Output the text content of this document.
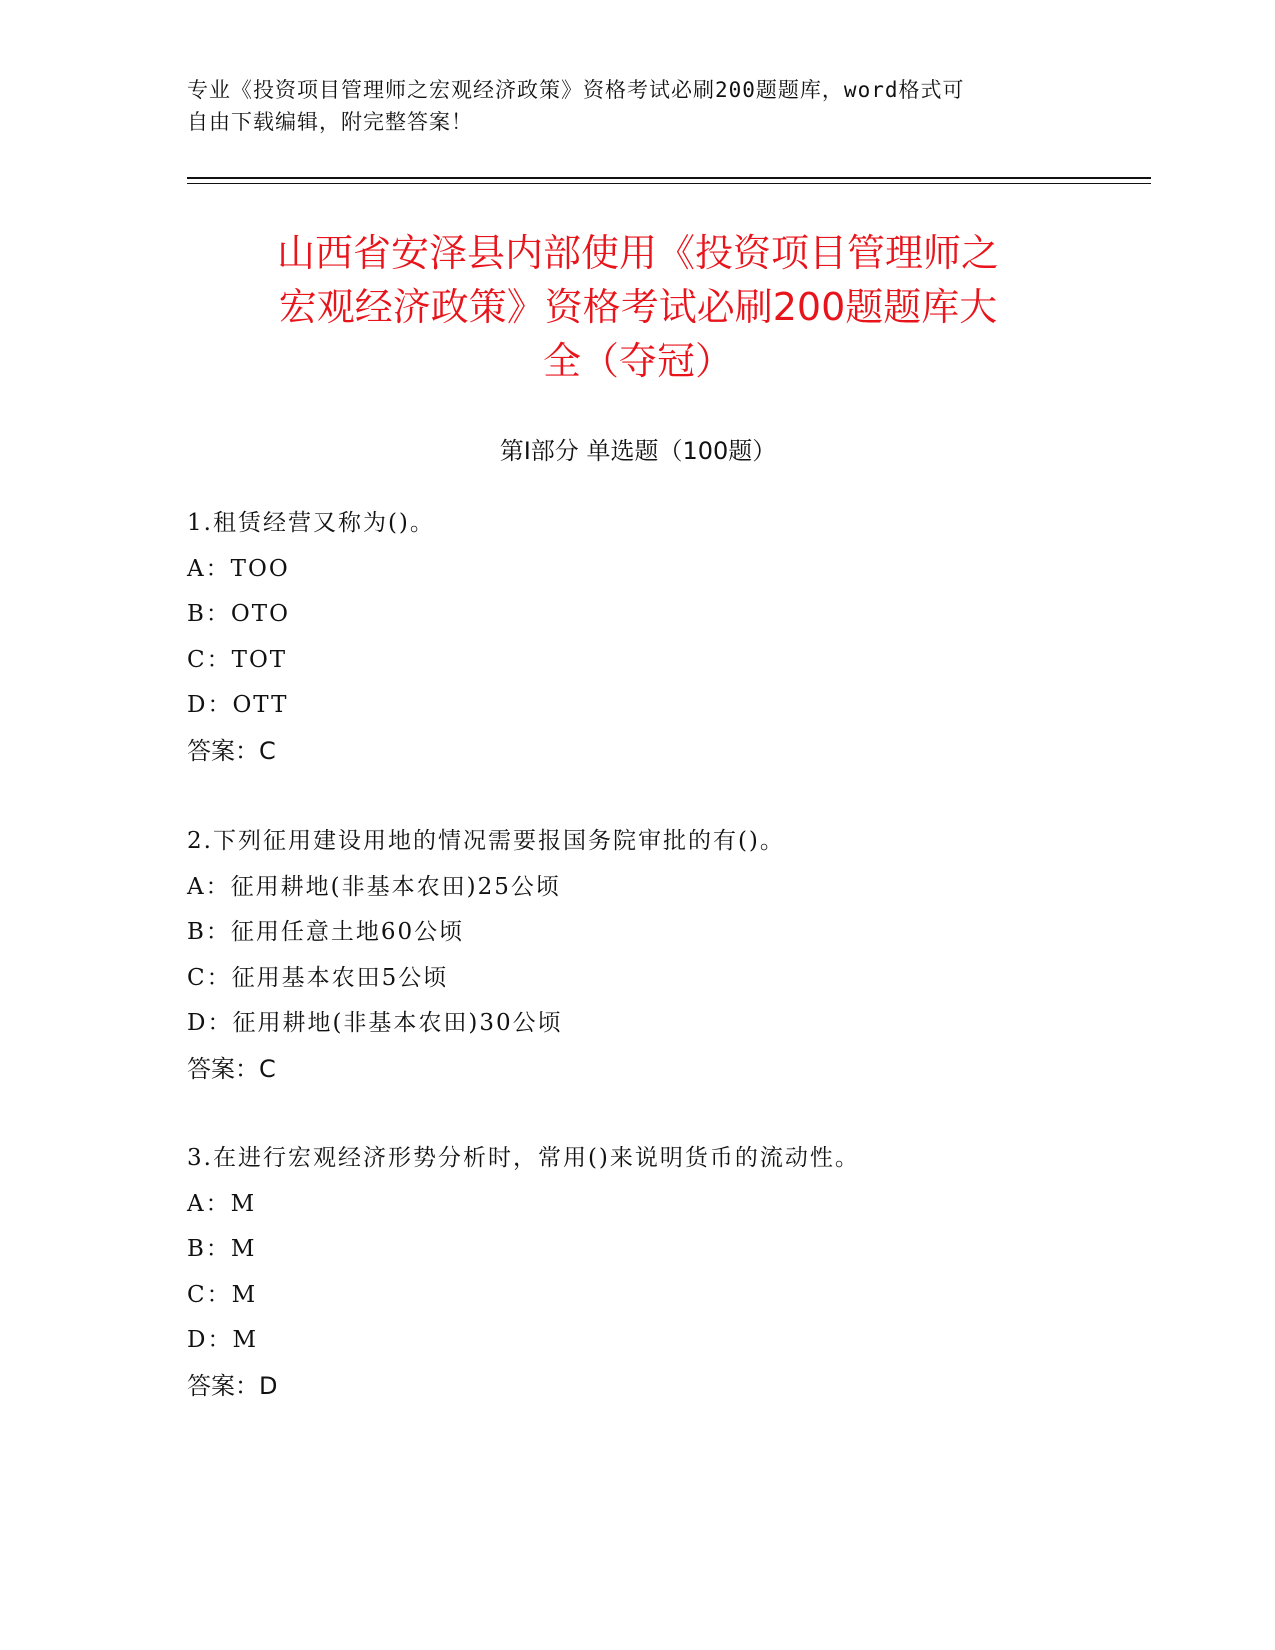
专业《投资项目管理师之宏观经济政策》资格考试必刷200题题库，word格式可
自由下载编辑，附完整答案！
山西省安泽县内部使用《投资项目管理师之
宏观经济政策》资格考试必刷200题题库大
全（夺冠）
第Ⅰ部分 单选题（100题）
1.租赁经营又称为()。
A：TOO
B：OTO
C：TOT
D：OTT
答案：C
2.下列征用建设用地的情况需要报国务院审批的有()。
A：征用耕地(非基本农田)25公顷
B：征用任意土地60公顷
C：征用基本农田5公顷
D：征用耕地(非基本农田)30公顷
答案：C
3.在进行宏观经济形势分析时，常用()来说明货币的流动性。
A：M
B：M
C：M
D：M
答案：D
